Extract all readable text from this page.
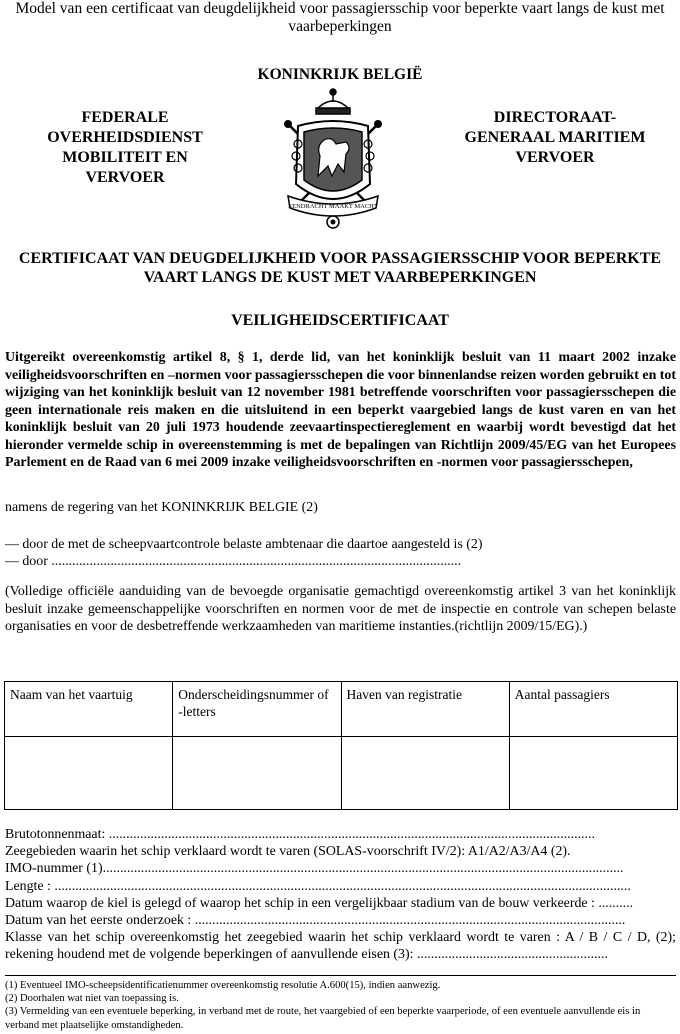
Model van een certificaat van deugdelijkheid voor passagiersschip voor beperkte vaart langs de kust met vaarbeperkingen
KONINKRIJK BELGIË
FEDERALE OVERHEIDSDIENST MOBILITEIT EN VERVOER
DIRECTORAAT-GENERAAL MARITIEM VERVOER
EENDRACHT MAAKT MACHT
CERTIFICAAT VAN DEUGDELIJKHEID VOOR PASSAGIERSSCHIP VOOR BEPERKTE VAART LANGS DE KUST MET VAARBEPERKINGEN
VEILIGHEIDSCERTIFICAAT
Uitgereikt overeenkomstig artikel 8, § 1, derde lid, van het koninklijk besluit van 11 maart 2002 inzake veiligheidsvoorschriften en –normen voor passagiersschepen die voor binnenlandse reizen worden gebruikt en tot wijziging van het koninklijk besluit van 12 november 1981 betreffende voorschriften voor passagiersschepen die geen internationale reis maken en die uitsluitend in een beperkt vaargebied langs de kust varen en van het koninklijk besluit van 20 juli 1973 houdende zeevaartinspectiereglement en waarbij wordt bevestigd dat het hieronder vermelde schip in overeenstemming is met de bepalingen van Richtlijn 2009/45/EG van het Europees Parlement en de Raad van 6 mei 2009 inzake veiligheidsvoorschriften en -normen voor passagiersschepen,
namens de regering van het KONINKRIJK BELGIE (2)
— door de met de scheepvaartcontrole belaste ambtenaar die daartoe aangesteld is (2)
— door ......................................................................................................................
(Volledige officiële aanduiding van de bevoegde organisatie gemachtigd overeenkomstig artikel 3 van het koninklijk besluit inzake gemeenschappelijke voorschriften en normen voor de met de inspectie en controle van schepen belaste organisaties en voor de desbetreffende werkzaamheden van maritieme instanties.(richtlijn 2009/15/EG).)
Naam van het vaartuig	Onderscheidingsnummer of -letters	Haven van registratie	Aantal passagiers

Brutotonnenmaat: ............................................................................................................................................
Zeegebieden waarin het schip verklaard wordt te varen (SOLAS-voorschrift IV/2): A1/A2/A3/A4 (2).
IMO-nummer (1)......................................................................................................................................................
Lengte : ......................................................................................................................................................................
Datum waarop de kiel is gelegd of waarop het schip in een vergelijkbaar stadium van de bouw verkeerde : ..........
Datum van het eerste onderzoek : ............................................................................................................................
Klasse van het schip overeenkomstig het zeegebied waarin het schip verklaard wordt te varen : A / B / C / D, (2); rekening houdend met de volgende beperkingen of aanvullende eisen (3): .......................................................
(1) Eventueel IMO-scheepsidentificatienummer overeenkomstig resolutie A.600(15), indien aanwezig.
(2) Doorhalen wat niet van toepassing is.
(3) Vermelding van een eventuele beperking, in verband met de route, het vaargebied of een beperkte vaarperiode, of een eventuele aanvullende eis in verband met plaatselijke omstandigheden.
